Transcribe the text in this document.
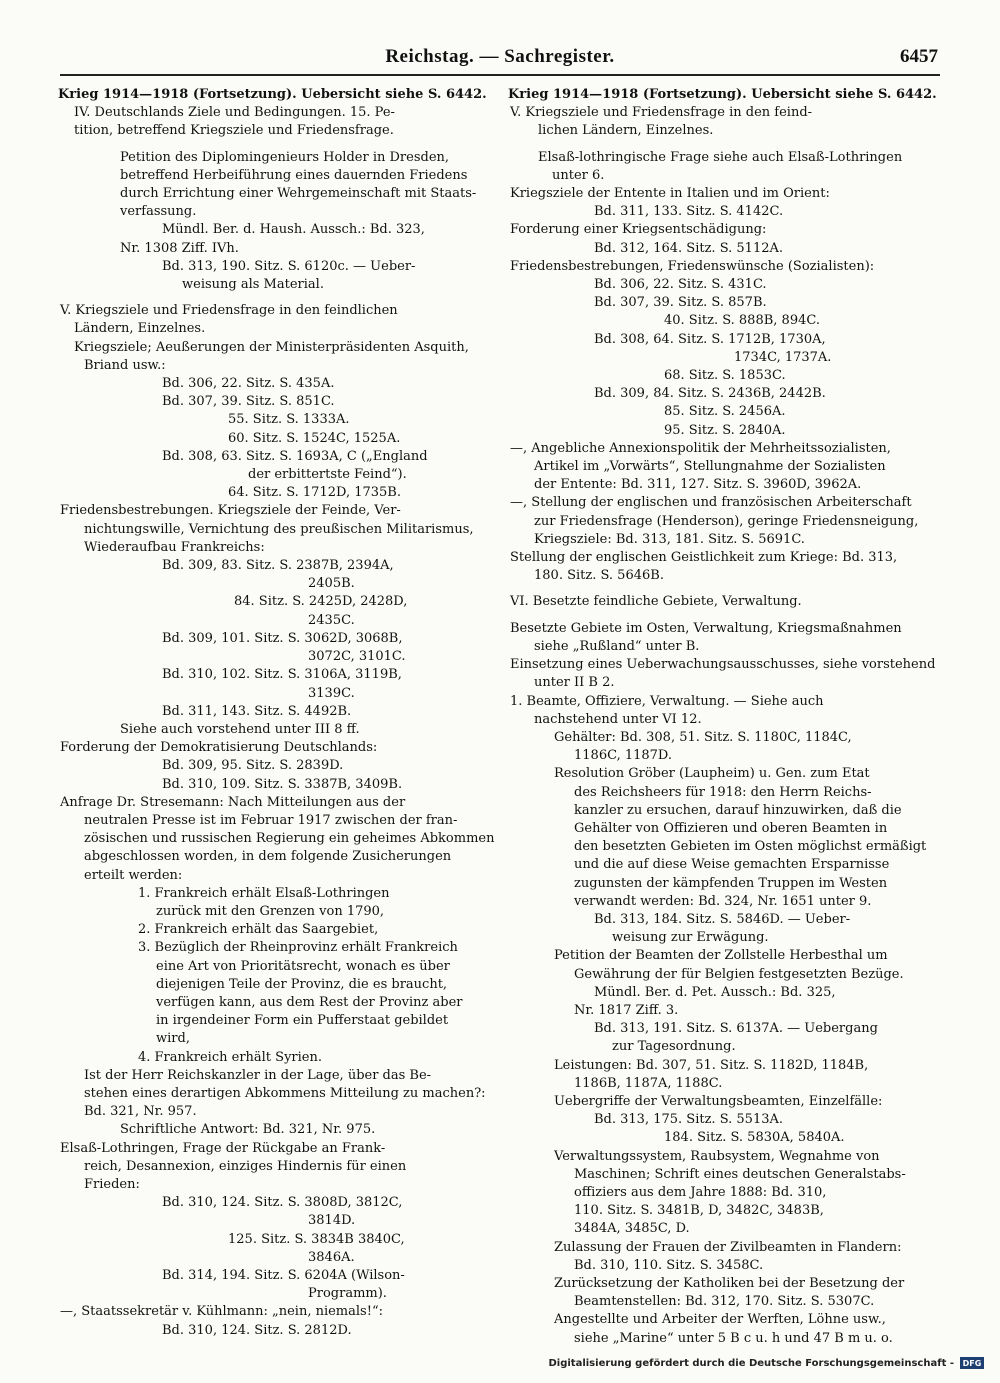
Reichstag. — Sachregister.	6457
Krieg 1914—1918 (Fortsetzung). Uebersicht siehe S. 6442.
IV. Deutschlands Ziele und Bedingungen. 15. Pe-
tition, betreffend Kriegsziele und Friedensfrage.
Petition des Diplomingenieurs Holder in Dresden,
betreffend Herbeiführung eines dauernden Friedens
durch Errichtung einer Wehrgemeinschaft mit Staats-
verfassung.
Mündl. Ber. d. Haush. Aussch.: Bd. 323,
Nr. 1308 Ziff. IVh.
Bd. 313, 190. Sitz. S. 6120c. — Ueber-
weisung als Material.
V. Kriegsziele und Friedensfrage in den feindlichen
Ländern, Einzelnes.
Kriegsziele; Aeußerungen der Ministerpräsidenten Asquith,
Briand usw.:
Bd. 306, 22. Sitz. S. 435A.
Bd. 307, 39. Sitz. S. 851C.
55. Sitz. S. 1333A.
60. Sitz. S. 1524C, 1525A.
Bd. 308, 63. Sitz. S. 1693A, C („England
der erbittertste Feind“).
64. Sitz. S. 1712D, 1735B.
Friedensbestrebungen. Kriegsziele der Feinde, Ver-
nichtungswille, Vernichtung des preußischen Militarismus,
Wiederaufbau Frankreichs:
Bd. 309, 83. Sitz. S. 2387B, 2394A,
2405B.
84. Sitz. S. 2425D, 2428D,
2435C.
Bd. 309, 101. Sitz. S. 3062D, 3068B,
3072C, 3101C.
Bd. 310, 102. Sitz. S. 3106A, 3119B,
3139C.
Bd. 311, 143. Sitz. S. 4492B.
Siehe auch vorstehend unter III 8 ff.
Forderung der Demokratisierung Deutschlands:
Bd. 309, 95. Sitz. S. 2839D.
Bd. 310, 109. Sitz. S. 3387B, 3409B.
Anfrage Dr. Stresemann: Nach Mitteilungen aus der
neutralen Presse ist im Februar 1917 zwischen der fran-
zösischen und russischen Regierung ein geheimes Abkommen
abgeschlossen worden, in dem folgende Zusicherungen
erteilt werden:
1. Frankreich erhält Elsaß-Lothringen
zurück mit den Grenzen von 1790,
2. Frankreich erhält das Saargebiet,
3. Bezüglich der Rheinprovinz erhält Frankreich
eine Art von Prioritätsrecht, wonach es über
diejenigen Teile der Provinz, die es braucht,
verfügen kann, aus dem Rest der Provinz aber
in irgendeiner Form ein Pufferstaat gebildet
wird,
4. Frankreich erhält Syrien.
Ist der Herr Reichskanzler in der Lage, über das Be-
stehen eines derartigen Abkommens Mitteilung zu machen?:
Bd. 321, Nr. 957.
Schriftliche Antwort: Bd. 321, Nr. 975.
Elsaß-Lothringen, Frage der Rückgabe an Frank-
reich, Desannexion, einziges Hindernis für einen
Frieden:
Bd. 310, 124. Sitz. S. 3808D, 3812C,
3814D.
125. Sitz. S. 3834B 3840C,
3846A.
Bd. 314, 194. Sitz. S. 6204A (Wilson-
Programm).
—, Staatssekretär v. Kühlmann: „nein, niemals!“:
Bd. 310, 124. Sitz. S. 2812D.
Krieg 1914—1918 (Fortsetzung). Uebersicht siehe S. 6442.
V. Kriegsziele und Friedensfrage in den feind-
lichen Ländern, Einzelnes.
Elsaß-lothringische Frage siehe auch Elsaß-Lothringen
unter 6.
Kriegsziele der Entente in Italien und im Orient:
Bd. 311, 133. Sitz. S. 4142C.
Forderung einer Kriegsentschädigung:
Bd. 312, 164. Sitz. S. 5112A.
Friedensbestrebungen, Friedenswünsche (Sozialisten):
Bd. 306, 22. Sitz. S. 431C.
Bd. 307, 39. Sitz. S. 857B.
40. Sitz. S. 888B, 894C.
Bd. 308, 64. Sitz. S. 1712B, 1730A,
1734C, 1737A.
68. Sitz. S. 1853C.
Bd. 309, 84. Sitz. S. 2436B, 2442B.
85. Sitz. S. 2456A.
95. Sitz. S. 2840A.
—, Angebliche Annexionspolitik der Mehrheitssozialisten,
Artikel im „Vorwärts“, Stellungnahme der Sozialisten
der Entente: Bd. 311, 127. Sitz. S. 3960D, 3962A.
—, Stellung der englischen und französischen Arbeiterschaft
zur Friedensfrage (Henderson), geringe Friedensneigung,
Kriegsziele: Bd. 313, 181. Sitz. S. 5691C.
Stellung der englischen Geistlichkeit zum Kriege: Bd. 313,
180. Sitz. S. 5646B.
VI. Besetzte feindliche Gebiete, Verwaltung.
Besetzte Gebiete im Osten, Verwaltung, Kriegsmaßnahmen
siehe „Rußland“ unter B.
Einsetzung eines Ueberwachungsausschusses, siehe vorstehend
unter II B 2.
1. Beamte, Offiziere, Verwaltung. — Siehe auch
nachstehend unter VI 12.
Gehälter: Bd. 308, 51. Sitz. S. 1180C, 1184C,
1186C, 1187D.
Resolution Gröber (Laupheim) u. Gen. zum Etat
des Reichsheers für 1918: den Herrn Reichs-
kanzler zu ersuchen, darauf hinzuwirken, daß die
Gehälter von Offizieren und oberen Beamten in
den besetzten Gebieten im Osten möglichst ermäßigt
und die auf diese Weise gemachten Ersparnisse
zugunsten der kämpfenden Truppen im Westen
verwandt werden: Bd. 324, Nr. 1651 unter 9.
Bd. 313, 184. Sitz. S. 5846D. — Ueber-
weisung zur Erwägung.
Petition der Beamten der Zollstelle Herbesthal um
Gewährung der für Belgien festgesetzten Bezüge.
Mündl. Ber. d. Pet. Aussch.: Bd. 325,
Nr. 1817 Ziff. 3.
Bd. 313, 191. Sitz. S. 6137A. — Uebergang
zur Tagesordnung.
Leistungen: Bd. 307, 51. Sitz. S. 1182D, 1184B,
1186B, 1187A, 1188C.
Uebergriffe der Verwaltungsbeamten, Einzelfälle:
Bd. 313, 175. Sitz. S. 5513A.
184. Sitz. S. 5830A, 5840A.
Verwaltungssystem, Raubsystem, Wegnahme von
Maschinen; Schrift eines deutschen Generalstabs-
offiziers aus dem Jahre 1888: Bd. 310,
110. Sitz. S. 3481B, D, 3482C, 3483B,
3484A, 3485C, D.
Zulassung der Frauen der Zivilbeamten in Flandern:
Bd. 310, 110. Sitz. S. 3458C.
Zurücksetzung der Katholiken bei der Besetzung der
Beamtenstellen: Bd. 312, 170. Sitz. S. 5307C.
Angestellte und Arbeiter der Werften, Löhne usw.,
siehe „Marine“ unter 5 B c u. h und 47 B m u. o.
Digitalisierung gefördert durch die Deutsche Forschungsgemeinschaft -	DFG
